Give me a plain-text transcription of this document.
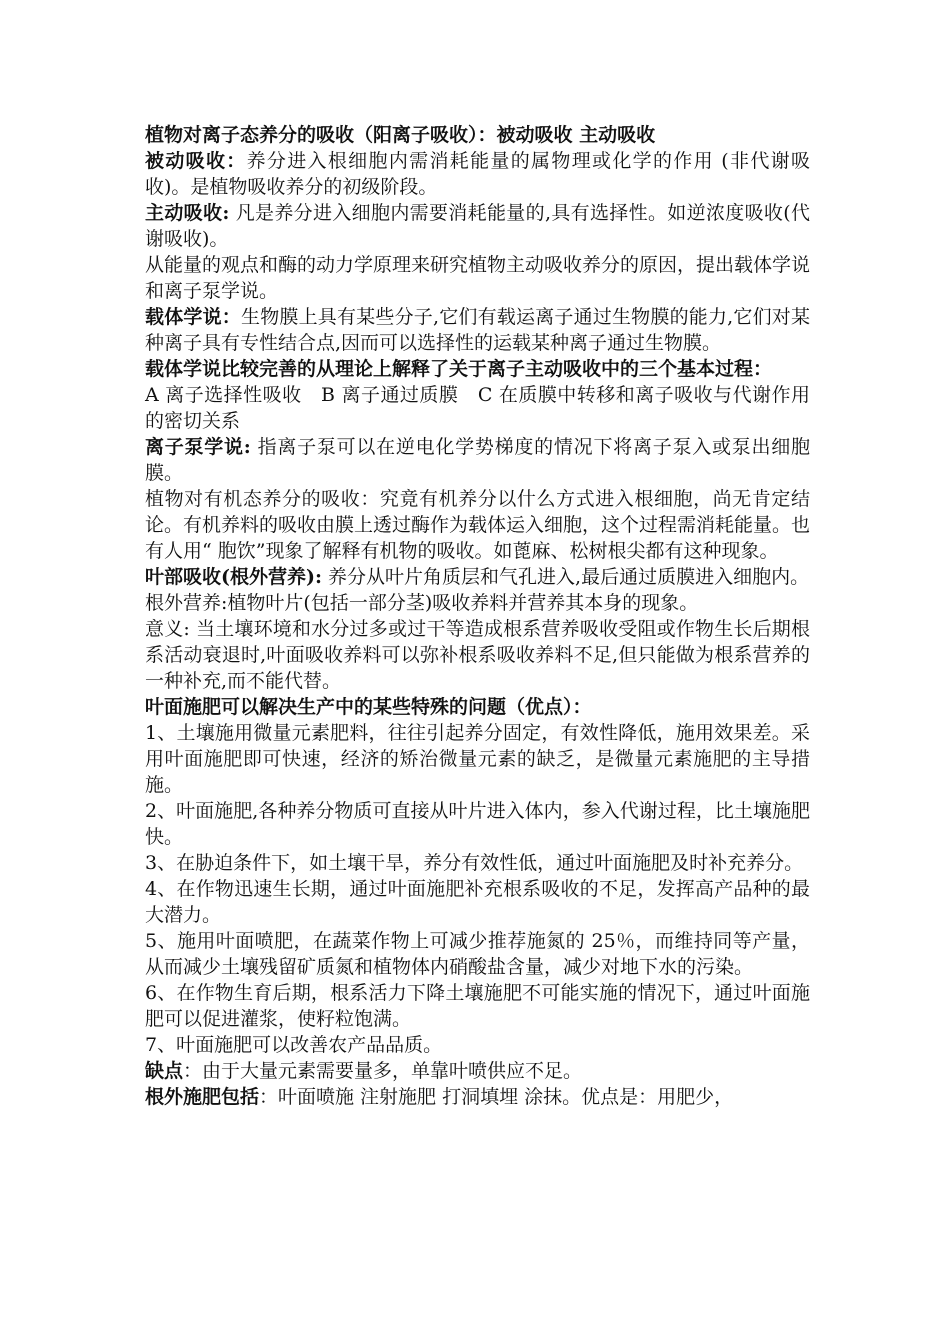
植物对离子态养分的吸收（阳离子吸收）：被动吸收 主动吸收

被动吸收：养分进入根细胞内需消耗能量的属物理或化学的作用 (非代谢吸收)。是植物吸收养分的初级阶段。

主动吸收: 凡是养分进入细胞内需要消耗能量的,具有选择性。如逆浓度吸收(代谢吸收)。

从能量的观点和酶的动力学原理来研究植物主动吸收养分的原因，提出载体学说和离子泵学说。

载体学说：生物膜上具有某些分子,它们有载运离子通过生物膜的能力,它们对某种离子具有专性结合点,因而可以选择性的运载某种离子通过生物膜。

载体学说比较完善的从理论上解释了关于离子主动吸收中的三个基本过程：

A 离子选择性吸收　B 离子通过质膜　C 在质膜中转移和离子吸收与代谢作用的密切关系

离子泵学说: 指离子泵可以在逆电化学势梯度的情况下将离子泵入或泵出细胞膜。

植物对有机态养分的吸收：究竟有机养分以什么方式进入根细胞，尚无肯定结论。有机养料的吸收由膜上透过酶作为载体运入细胞，这个过程需消耗能量。也有人用“ 胞饮”现象了解释有机物的吸收。如蓖麻、松树根尖都有这种现象。

叶部吸收(根外营养): 养分从叶片角质层和气孔进入,最后通过质膜进入细胞内。

根外营养:植物叶片(包括一部分茎)吸收养料并营养其本身的现象。

意义: 当土壤环境和水分过多或过干等造成根系营养吸收受阻或作物生长后期根系活动衰退时,叶面吸收养料可以弥补根系吸收养料不足,但只能做为根系营养的一种补充,而不能代替。

叶面施肥可以解决生产中的某些特殊的问题（优点）：

1、土壤施用微量元素肥料，往往引起养分固定，有效性降低，施用效果差。采用叶面施肥即可快速，经济的矫治微量元素的缺乏，是微量元素施肥的主导措施。

2、叶面施肥,各种养分物质可直接从叶片进入体内，参入代谢过程，比土壤施肥快。

3、在胁迫条件下，如土壤干旱，养分有效性低，通过叶面施肥及时补充养分。

4、在作物迅速生长期，通过叶面施肥补充根系吸收的不足，发挥高产品种的最大潜力。

5、施用叶面喷肥，在蔬菜作物上可减少推荐施氮的 25％，而维持同等产量，从而减少土壤残留矿质氮和植物体内硝酸盐含量，减少对地下水的污染。

6、在作物生育后期，根系活力下降土壤施肥不可能实施的情况下，通过叶面施肥可以促进灌浆，使籽粒饱满。

7、叶面施肥可以改善农产品品质。

缺点：由于大量元素需要量多，单靠叶喷供应不足。

根外施肥包括：叶面喷施 注射施肥 打洞填埋 涂抹。优点是：用肥少，
